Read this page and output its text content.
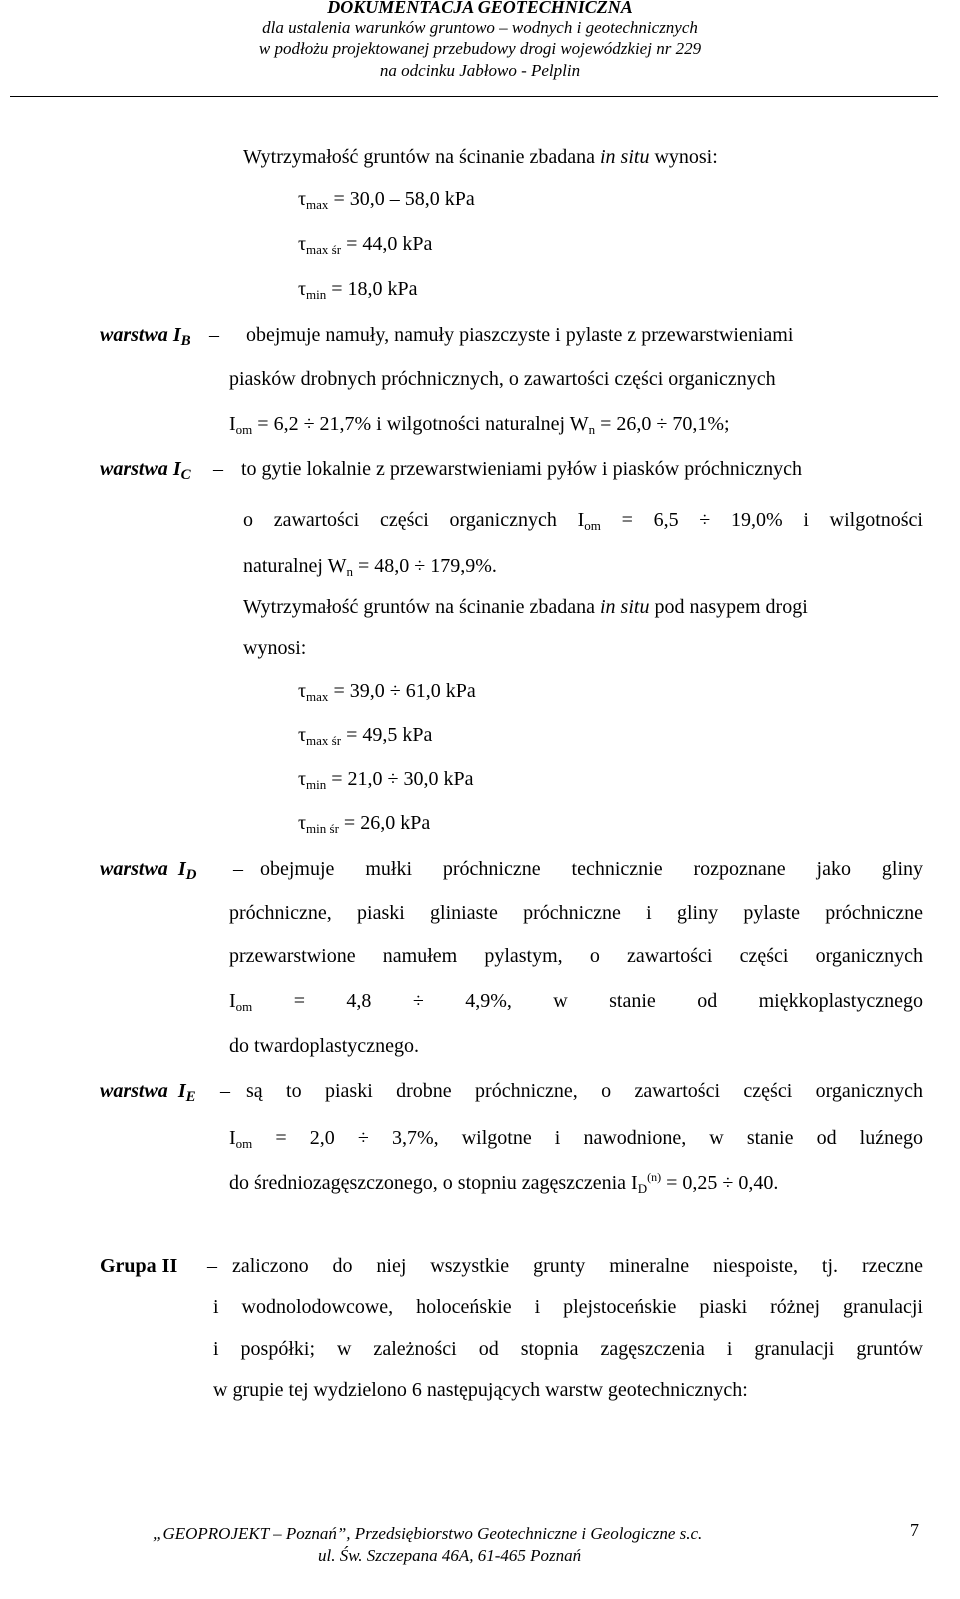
DOKUMENTACJA GEOTECHNICZNA
dla ustalenia warunków gruntowo – wodnych i geotechnicznych
w podłożu projektowanej przebudowy drogi wojewódzkiej nr 229
na odcinku Jabłowo - Pelplin
Wytrzymałość gruntów na ścinanie zbadana in situ wynosi:
$\tau_{max} = 30,0 - 58,0$ kPa
$\tau_{max śr} = 44,0$ kPa
$\tau_{min} = 18,0$ kPa
warstwa $I_B$ – obejmuje namuły, namuły piaszczyste i pylaste z przewarstwieniami
piasków drobnych próchnicznych, o zawartości części organicznych
$I_{om} = 6,2 \div 21,7\%$ i wilgotności naturalnej $W_n = 26,0 \div 70,1\%$;
warstwa $I_C$ – to gytie lokalnie z przewarstwieniami pyłów i piasków próchnicznych
o zawartości części organicznych $I_{om} = 6,5 \div 19,0\%$ i wilgotności
naturalnej $W_n = 48,0 \div 179,9\%$.
Wytrzymałość gruntów na ścinanie zbadana in situ pod nasypem drogi
wynosi:
$\tau_{max} = 39,0 \div 61,0$ kPa
$\tau_{max śr} = 49,5$ kPa
$\tau_{min} = 21,0 \div 30,0$ kPa
$\tau_{min śr} = 26,0$ kPa
warstwa $I_D$ – obejmuje mułki próchniczne technicznie rozpoznane jako gliny
próchniczne, piaski gliniaste próchniczne i gliny pylaste próchniczne
przewarstwione namułem pylastym, o zawartości części organicznych
$I_{om} = 4,8 \div 4,9\%$, w stanie od miękkoplastycznego
do twardoplastycznego.
warstwa $I_E$ – są to piaski drobne próchniczne, o zawartości części organicznych
$I_{om} = 2,0 \div 3,7\%$, wilgotne i nawodnione, w stanie od luźnego
do średniozagęszczonego, o stopniu zagęszczenia $I_D^{(n)} = 0,25 \div 0,40$.
Grupa II – zaliczono do niej wszystkie grunty mineralne niespoiste, tj. rzeczne
i wodnolodowcowe, holoceńskie i plejstoceńskie piaski różnej granulacji
i pospółki; w zależności od stopnia zagęszczenia i granulacji gruntów
w grupie tej wydzielono 6 następujących warstw geotechnicznych:
„GEOPROJEKT – Poznań”, Przedsiębiorstwo Geotechniczne i Geologiczne s.c.
ul. Św. Szczepana 46A, 61-465 Poznań
7
